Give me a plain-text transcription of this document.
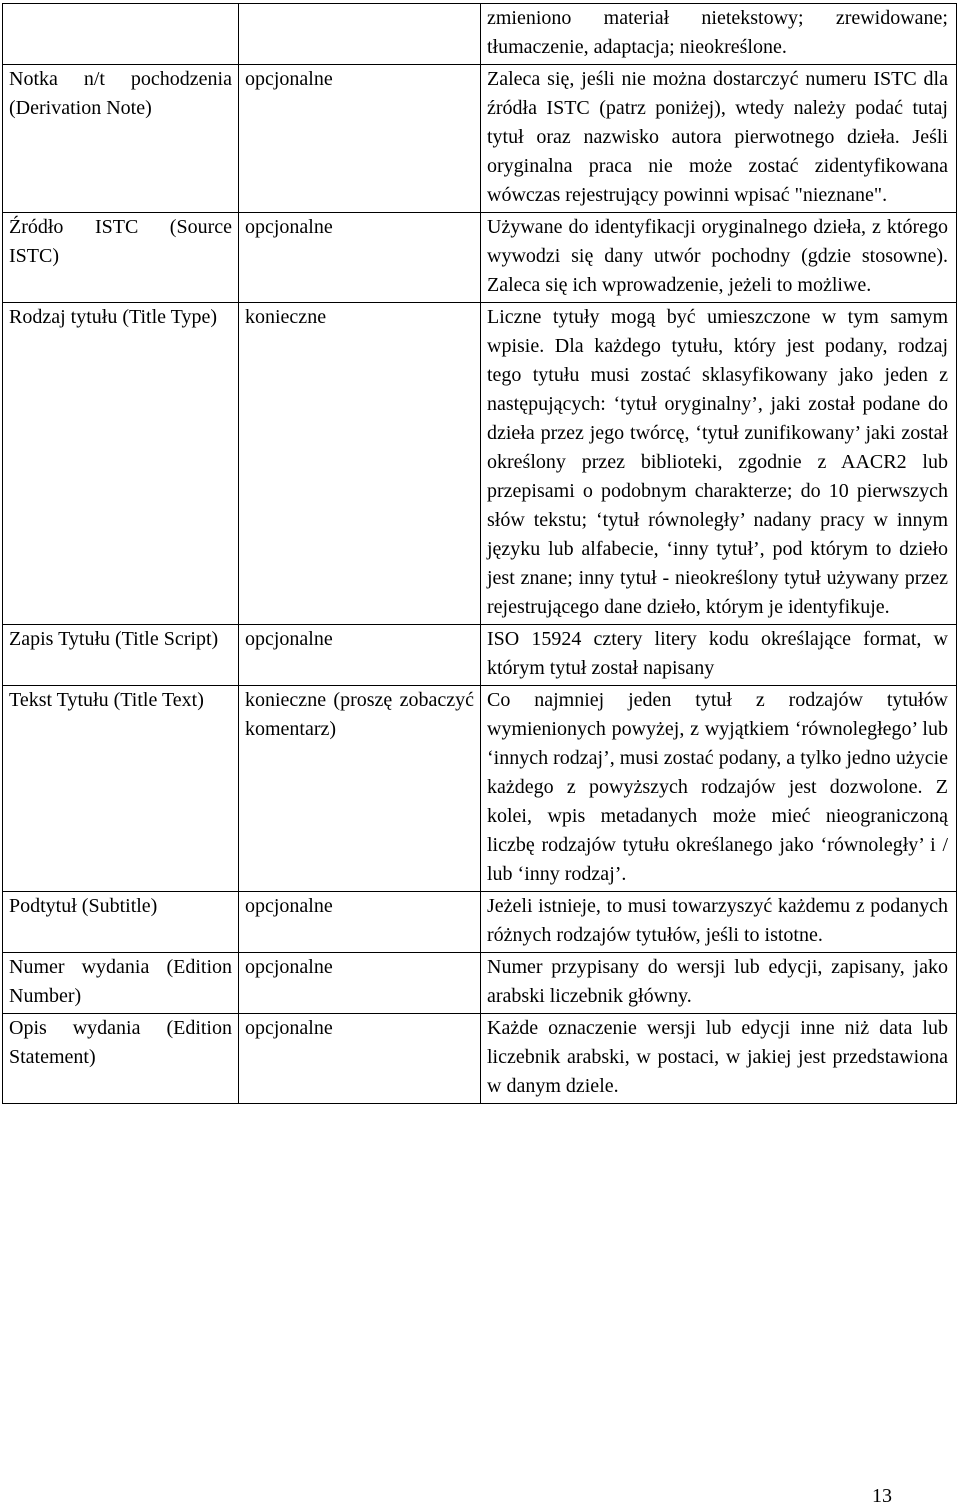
		zmieniono materiał nietekstowy; zrewidowane; tłumaczenie, adaptacja; nieokreślone.
Notka n/t pochodzenia (Derivation Note)	opcjonalne	Zaleca się, jeśli nie można dostarczyć numeru ISTC dla źródła ISTC (patrz poniżej), wtedy należy podać tutaj tytuł oraz nazwisko autora pierwotnego dzieła. Jeśli oryginalna praca nie może zostać zidentyfikowana wówczas rejestrujący powinni wpisać "nieznane".
Źródło ISTC (Source ISTC)	opcjonalne	Używane do identyfikacji oryginalnego dzieła, z którego wywodzi się dany utwór pochodny (gdzie stosowne). Zaleca się ich wprowadzenie, jeżeli to możliwe.
Rodzaj tytułu (Title Type)	konieczne	Liczne tytuły mogą być umieszczone w tym samym wpisie. Dla każdego tytułu, który jest podany, rodzaj tego tytułu musi zostać sklasyfikowany jako jeden z następujących: ‘tytuł oryginalny’, jaki został podane do dzieła przez jego twórcę, ‘tytuł zunifikowany’ jaki został określony przez biblioteki, zgodnie z AACR2 lub przepisami o podobnym charakterze; do 10 pierwszych słów tekstu; ‘tytuł równoległy’ nadany pracy w innym języku lub alfabecie, ‘inny tytuł’, pod którym to dzieło jest znane; inny tytuł - nieokreślony tytuł używany przez rejestrującego dane dzieło, którym je identyfikuje.
Zapis Tytułu (Title Script)	opcjonalne	ISO 15924 cztery litery kodu określające format, w którym tytuł został napisany
Tekst Tytułu (Title Text)	konieczne (proszę zobaczyć komentarz)	Co najmniej jeden tytuł z rodzajów tytułów wymienionych powyżej, z wyjątkiem ‘równoległego’ lub ‘innych rodzaj’, musi zostać podany, a tylko jedno użycie każdego z powyższych rodzajów jest dozwolone. Z kolei, wpis metadanych może mieć nieograniczoną liczbę rodzajów tytułu określanego jako ‘równoległy’ i / lub ‘inny rodzaj’.
Podtytuł (Subtitle)	opcjonalne	Jeżeli istnieje, to musi towarzyszyć każdemu z podanych różnych rodzajów tytułów, jeśli to istotne.
Numer wydania (Edition Number)	opcjonalne	Numer przypisany do wersji lub edycji, zapisany, jako arabski liczebnik główny.
Opis wydania (Edition Statement)	opcjonalne	Każde oznaczenie wersji lub edycji inne niż data lub liczebnik arabski, w postaci, w jakiej jest przedstawiona w danym dziele.
13
